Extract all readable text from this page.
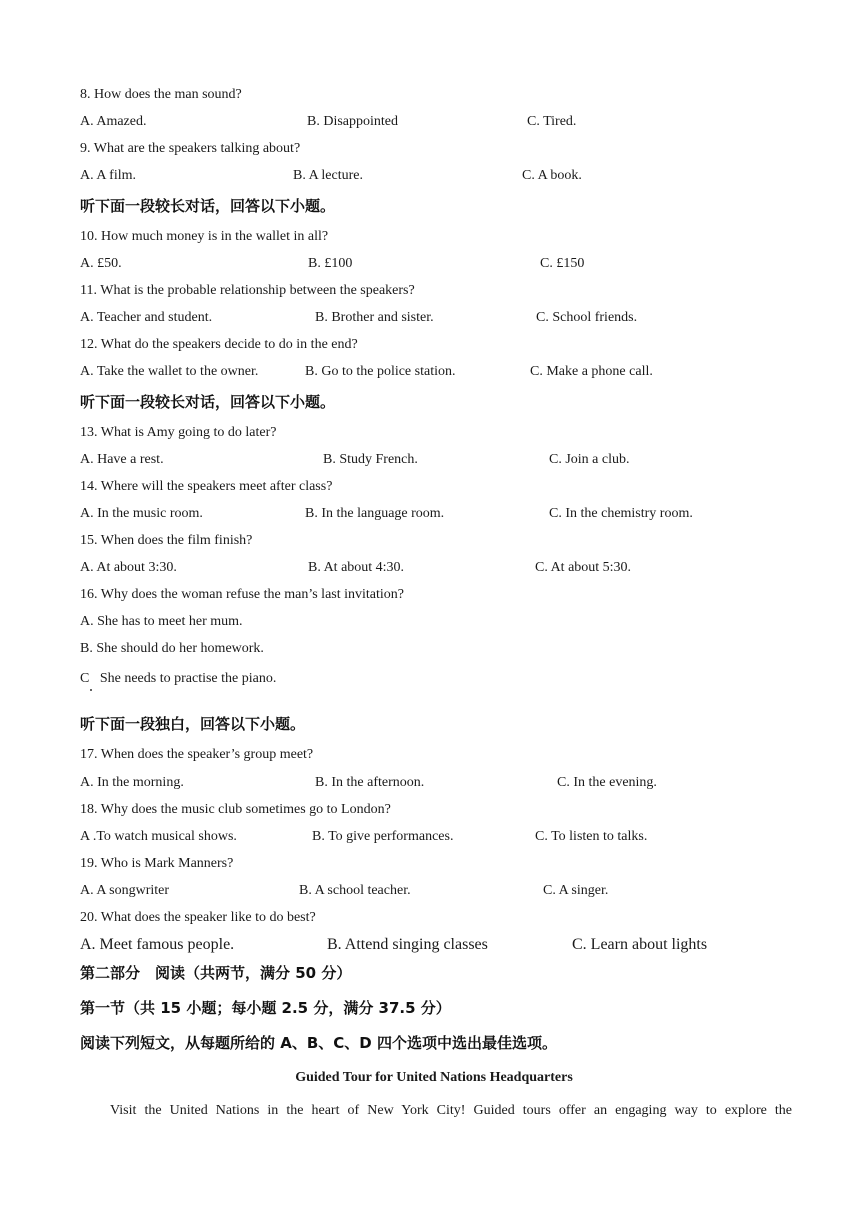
8. How does the man sound?
A. Amazed.	B. Disappointed	C. Tired.
9. What are the speakers talking about?
A. A film.	B. A lecture.	C. A book.
听下面一段较长对话，回答以下小题。
10. How much money is in the wallet in all?
A. £50.	B. £100	C. £150
11. What is the probable relationship between the speakers?
A. Teacher and student.	B. Brother and sister.	C. School friends.
12. What do the speakers decide to do in the end?
A. Take the wallet to the owner.	B. Go to the police station.	C. Make a phone call.
听下面一段较长对话，回答以下小题。
13. What is Amy going to do later?
A. Have a rest.	B. Study French.	C. Join a club.
14. Where will the speakers meet after class?
A. In the music room.	B. In the language room.	C. In the chemistry room.
15. When does the film finish?
A. At about 3:30.	B. At about 4:30.	C. At about 5:30.
16. Why does the woman refuse the man’s last invitation?
A. She has to meet her mum.
B. She should do her homework.
C   She needs to practise the piano.
听下面一段独白，回答以下小题。
17. When does the speaker’s group meet?
A. In the morning.	B. In the afternoon.	C. In the evening.
18. Why does the music club sometimes go to London?
A .To watch musical shows.	B. To give performances.	C. To listen to talks.
19. Who is Mark Manners?
A. A songwriter	B. A school teacher.	C. A singer.
20. What does the speaker like to do best?
A. Meet famous people.	B. Attend singing classes	C. Learn about lights
第二部分　阅读（共两节，满分 50 分）
第一节（共 15 小题；每小题 2.5 分，满分 37.5 分）
阅读下列短文，从每题所给的 A、B、C、D 四个选项中选出最佳选项。
Guided Tour for United Nations Headquarters
Visit the United Nations in the heart of New York City! Guided tours offer an engaging way to explore the
